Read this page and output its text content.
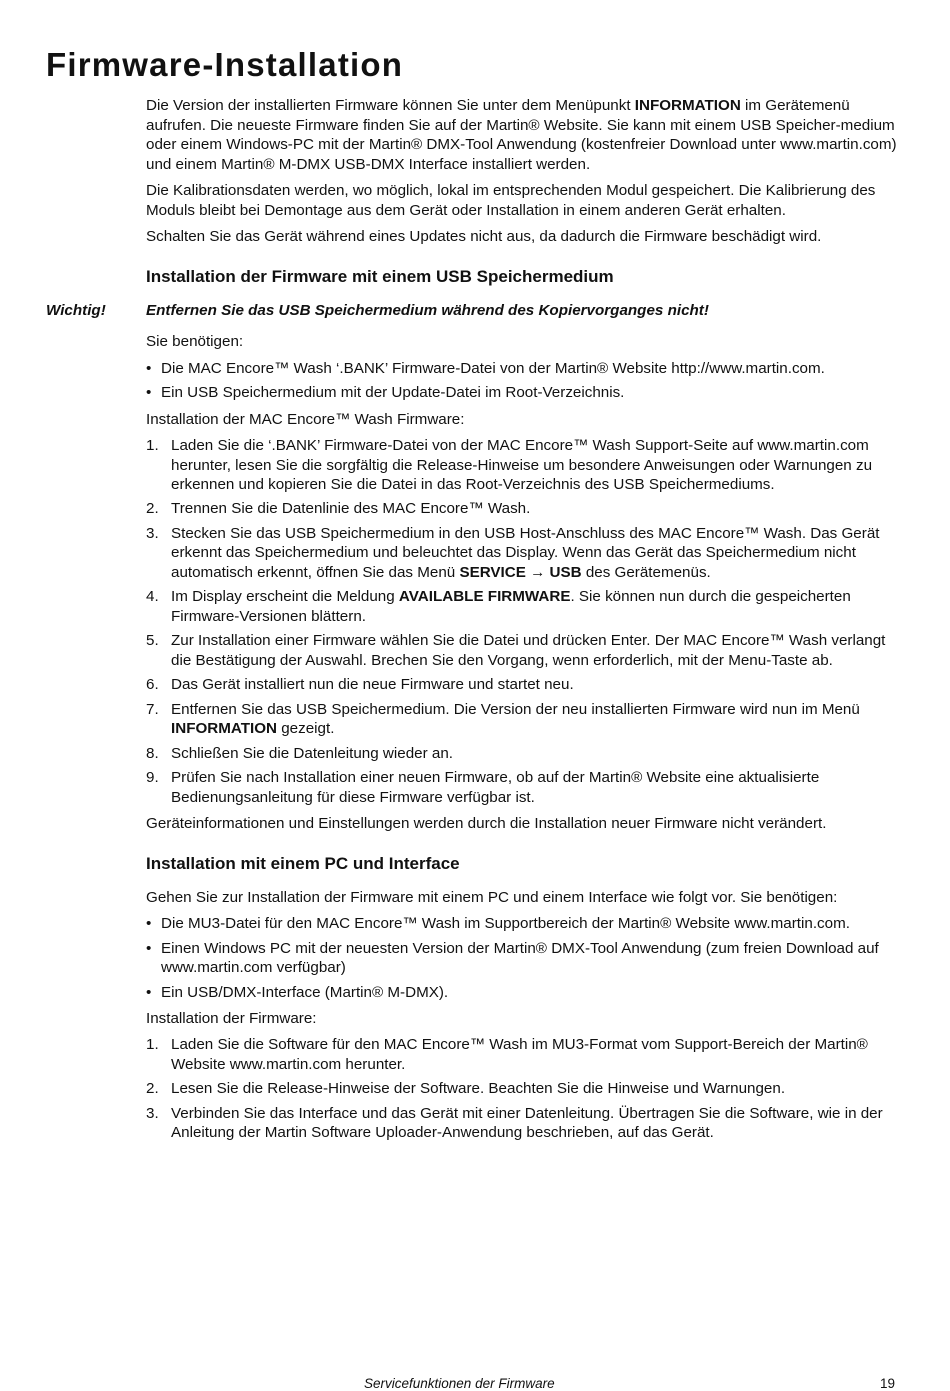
Firmware-Installation

Die Version der installierten Firmware können Sie unter dem Menüpunkt INFORMATION im Gerätemenü aufrufen. Die neueste Firmware finden Sie auf der Martin® Website. Sie kann mit einem USB Speicher-medium oder einem Windows-PC mit der Martin® DMX-Tool Anwendung (kostenfreier Download unter www.martin.com) und einem Martin® M-DMX USB-DMX Interface installiert werden.

Die Kalibrationsdaten werden, wo möglich, lokal im entsprechenden Modul gespeichert. Die Kalibrierung des Moduls bleibt bei Demontage aus dem Gerät oder Installation in einem anderen Gerät erhalten.

Schalten Sie das Gerät während eines Updates nicht aus, da dadurch die Firmware beschädigt wird.

Installation der Firmware mit einem USB Speichermedium
Wichtig!	Entfernen Sie das USB Speichermedium während des Kopiervorganges nicht!

Sie benötigen:

• Die MAC Encore™ Wash ‘.BANK’ Firmware-Datei von der Martin® Website http://www.martin.com.
• Ein USB Speichermedium mit der Update-Datei im Root-Verzeichnis.

Installation der MAC Encore™ Wash Firmware:

1. Laden Sie die ‘.BANK’ Firmware-Datei von der MAC Encore™ Wash Support-Seite auf www.martin.com herunter, lesen Sie die sorgfältig die Release-Hinweise um besondere Anweisungen oder Warnungen zu erkennen und kopieren Sie die Datei in das Root-Verzeichnis des USB Speichermediums.
2. Trennen Sie die Datenlinie des MAC Encore™ Wash.
3. Stecken Sie das USB Speichermedium in den USB Host-Anschluss des MAC Encore™ Wash. Das Gerät erkennt das Speichermedium und beleuchtet das Display. Wenn das Gerät das Speichermedium nicht automatisch erkennt, öffnen Sie das Menü SERVICE → USB des Gerätemenüs.
4. Im Display erscheint die Meldung AVAILABLE FIRMWARE. Sie können nun durch die gespeicherten Firmware-Versionen blättern.
5. Zur Installation einer Firmware wählen Sie die Datei und drücken Enter. Der MAC Encore™ Wash verlangt die Bestätigung der Auswahl. Brechen Sie den Vorgang, wenn erforderlich, mit der Menu-Taste ab.
6. Das Gerät installiert nun die neue Firmware und startet neu.
7. Entfernen Sie das USB Speichermedium. Die Version der neu installierten Firmware wird nun im Menü INFORMATION gezeigt.
8. Schließen Sie die Datenleitung wieder an.
9. Prüfen Sie nach Installation einer neuen Firmware, ob auf der Martin® Website eine aktualisierte Bedienungsanleitung für diese Firmware verfügbar ist.

Geräteinformationen und Einstellungen werden durch die Installation neuer Firmware nicht verändert.

Installation mit einem PC und Interface

Gehen Sie zur Installation der Firmware mit einem PC und einem Interface wie folgt vor. Sie benötigen:

• Die MU3-Datei für den MAC Encore™ Wash im Supportbereich der Martin® Website www.martin.com.
• Einen Windows PC mit der neuesten Version der Martin® DMX-Tool Anwendung (zum freien Download auf www.martin.com verfügbar)
• Ein USB/DMX-Interface (Martin® M-DMX).

Installation der Firmware:

1. Laden Sie die Software für den MAC Encore™ Wash im MU3-Format vom Support-Bereich der Martin® Website www.martin.com herunter.
2. Lesen Sie die Release-Hinweise der Software. Beachten Sie die Hinweise und Warnungen.
3. Verbinden Sie das Interface und das Gerät mit einer Datenleitung. Übertragen Sie die Software, wie in der Anleitung der Martin Software Uploader-Anwendung beschrieben, auf das Gerät.
Servicefunktionen der Firmware	19
